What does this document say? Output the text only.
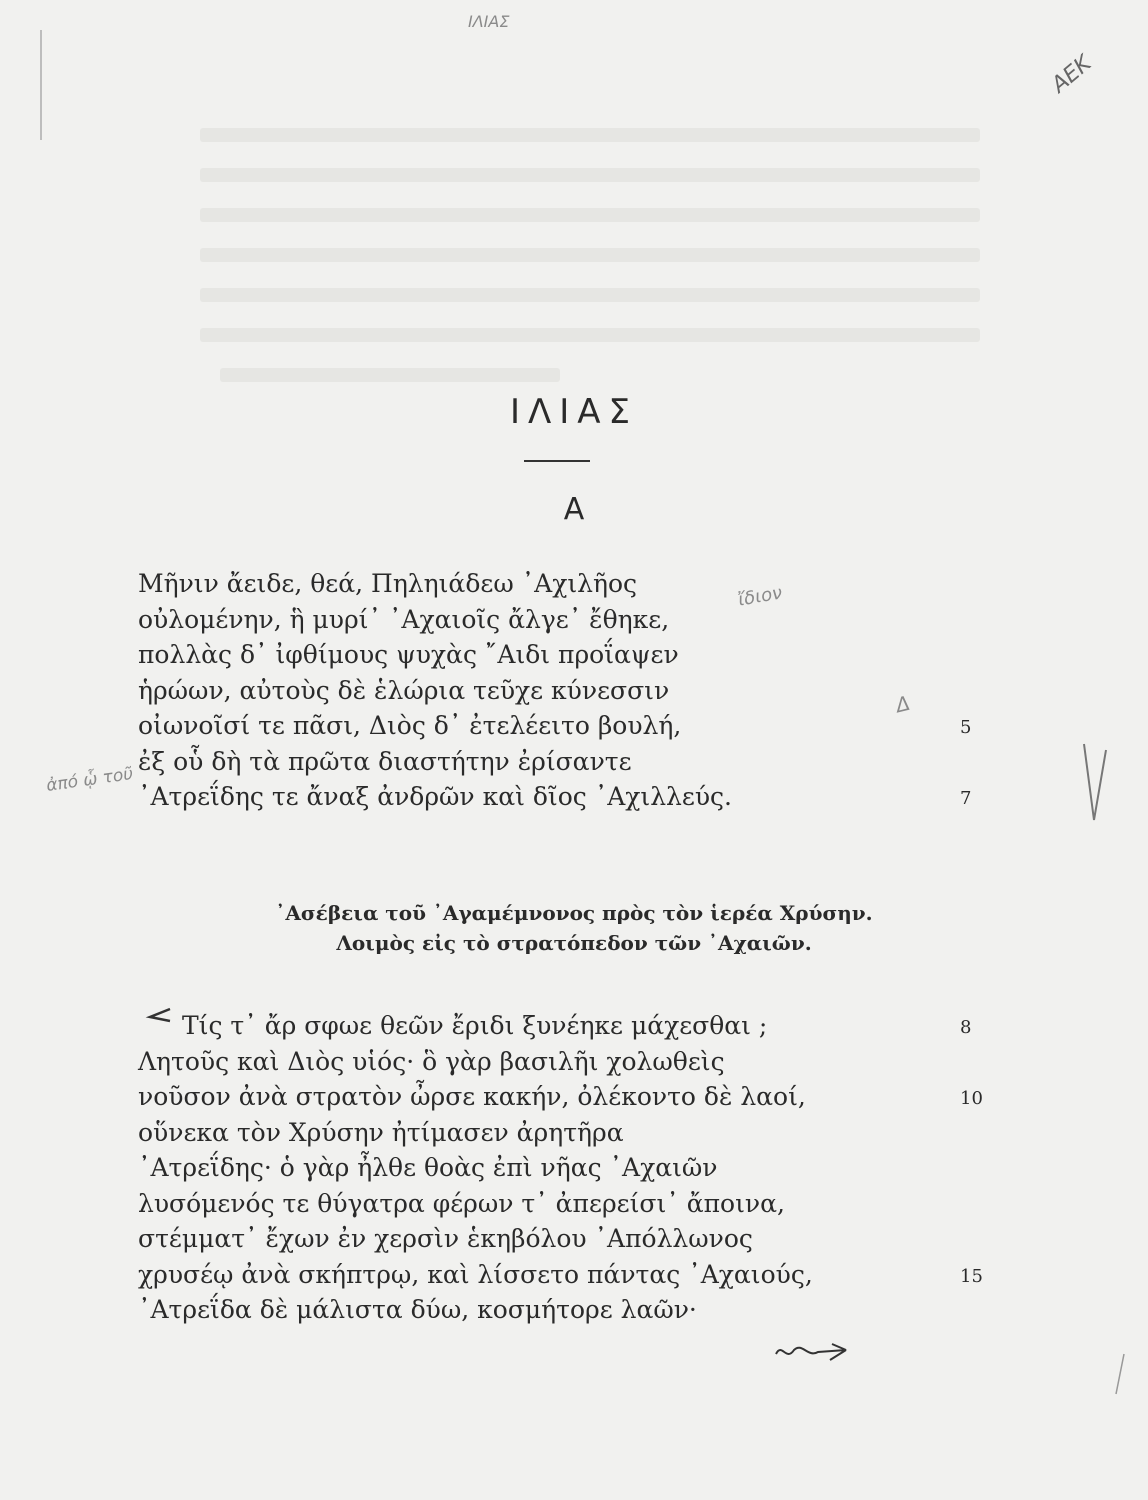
ΙΛΙΑΣ
ΑΕΚ
ἀπό ᾧ τοῦ
ἴδιον
Δ
ΙΛΙΑΣ
Α
Μῆνιν ἄειδε, θεά, Πηληιάδεω ᾿Αχιλῆος
οὐλομένην, ἣ μυρί᾿ ᾿Αχαιοῖς ἄλγε᾿ ἔθηκε,
πολλὰς δ᾿ ἰφθίμους ψυχὰς ῎Αιδι προΐαψεν
ἡρώων, αὐτοὺς δὲ ἑλώρια τεῦχε κύνεσσιν
οἰωνοῖσί τε πᾶσι, Διὸς δ᾿ ἐτελέειτο βουλή,	5
ἐξ οὗ δὴ τὰ πρῶτα διαστήτην ἐρίσαντε
᾿Ατρεΐδης τε ἄναξ ἀνδρῶν καὶ δῖος ᾿Αχιλλεύς.	7
᾿Ασέβεια τοῦ ᾿Αγαμέμνονος πρὸς τὸν ἱερέα Χρύσην.
Λοιμὸς εἰς τὸ στρατόπεδον τῶν ᾿Αχαιῶν.
Τίς τ᾿ ἄρ σφωε θεῶν ἔριδι ξυνέηκε μάχεσθαι ;	8
Λητοῦς καὶ Διὸς υἱός· ὃ γὰρ βασιλῆι χολωθεὶς
νοῦσον ἀνὰ στρατὸν ὦρσε κακήν, ὀλέκοντο δὲ λαοί,	10
οὕνεκα τὸν Χρύσην ἠτίμασεν ἀρητῆρα
᾿Ατρεΐδης· ὁ γὰρ ἦλθε θοὰς ἐπὶ νῆας ᾿Αχαιῶν
λυσόμενός τε θύγατρα φέρων τ᾿ ἀπερείσι᾿ ἄποινα,
στέμματ᾿ ἔχων ἐν χερσὶν ἑκηβόλου ᾿Απόλλωνος
χρυσέῳ ἀνὰ σκήπτρῳ, καὶ λίσσετο πάντας ᾿Αχαιούς,	15
᾿Ατρεΐδα δὲ μάλιστα δύω, κοσμήτορε λαῶν·
